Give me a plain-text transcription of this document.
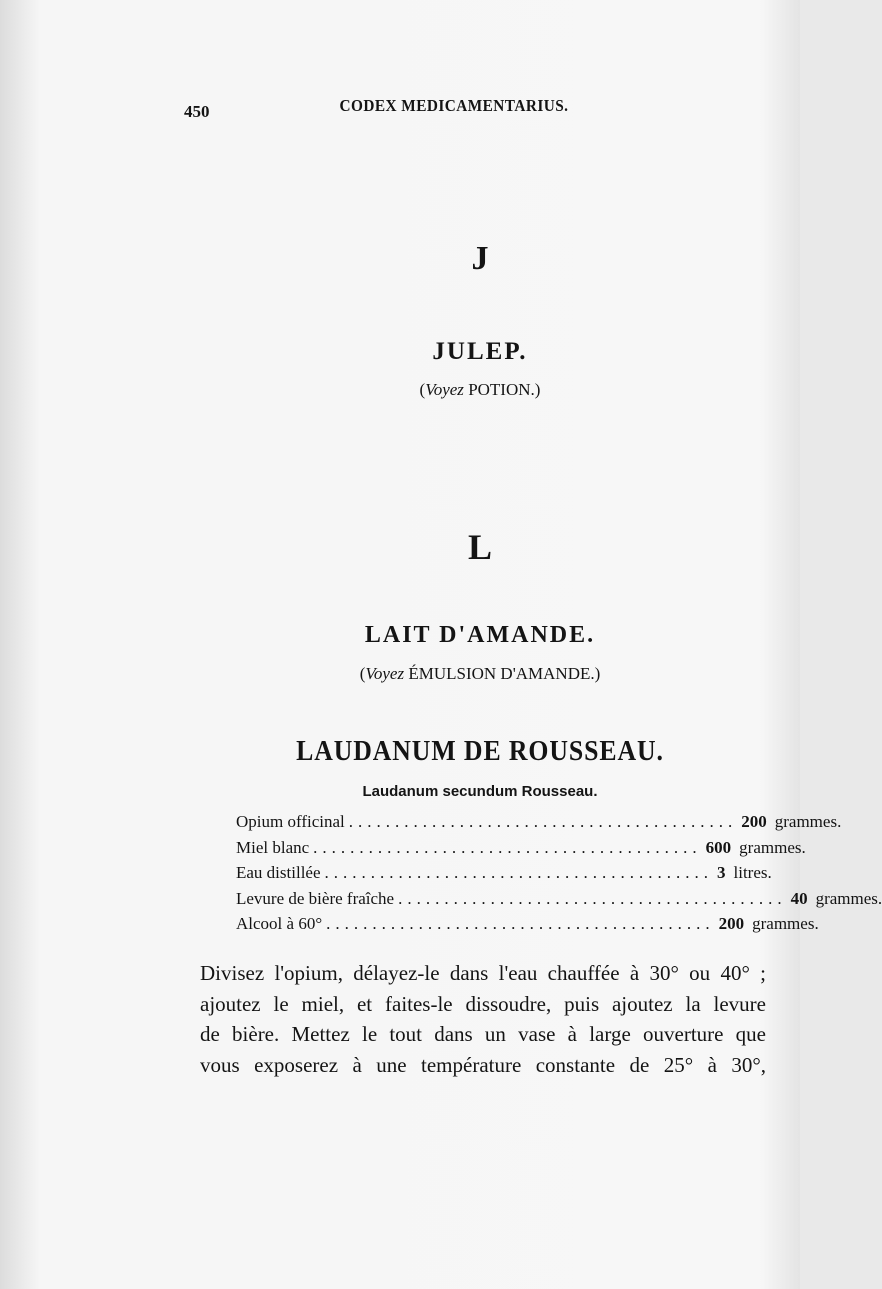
450	CODEX MEDICAMENTARIUS.
J
JULEP.
(Voyez POTION.)
L
LAIT D'AMANDE.
(Voyez ÉMULSION D'AMANDE.)
LAUDANUM DE ROUSSEAU.
Laudanum secundum Rousseau.
Opium officinal .......................................... 200 grammes.
Miel blanc .......................................... 600 grammes.
Eau distillée .......................................... 3 litres.
Levure de bière fraîche .......................................... 40 grammes.
Alcool à 60° .......................................... 200 grammes.
Divisez l'opium, délayez-le dans l'eau chauffée à 30° ou 40° ;
ajoutez le miel, et faites-le dissoudre, puis ajoutez la levure
de bière. Mettez le tout dans un vase à large ouverture que
vous exposerez à une température constante de 25° à 30°,
